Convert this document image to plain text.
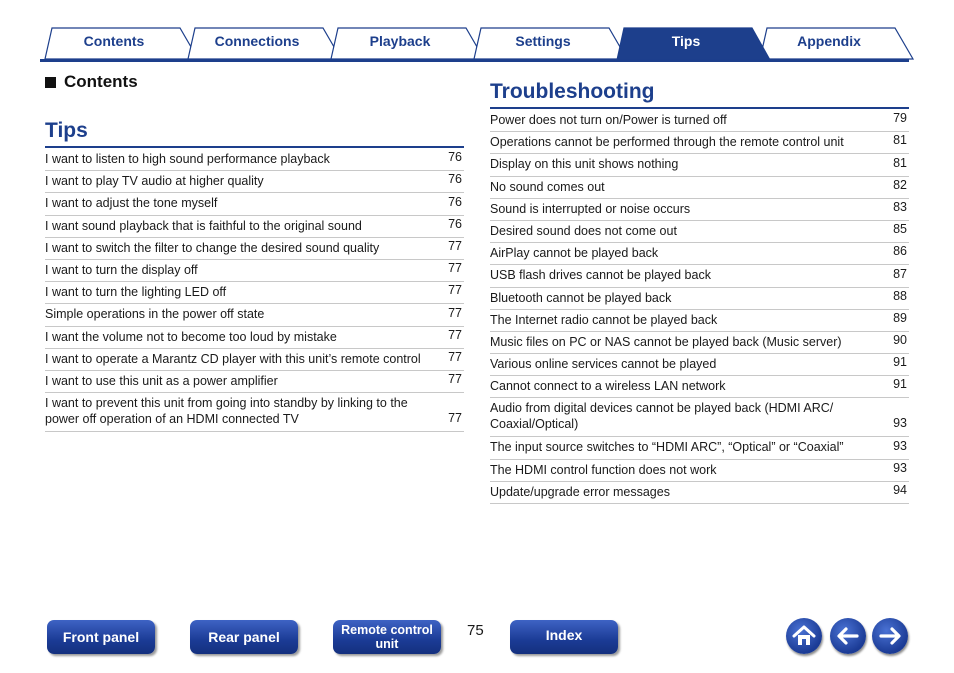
Contents	Connections	Playback	Settings	Tips	Appendix
Contents
Tips
I want to listen to high sound performance playback	76
I want to play TV audio at higher quality	76
I want to adjust the tone myself	76
I want sound playback that is faithful to the original sound	76
I want to switch the filter to change the desired sound quality	77
I want to turn the display off	77
I want to turn the lighting LED off	77
Simple operations in the power off state	77
I want the volume not to become too loud by mistake	77
I want to operate a Marantz CD player with this unit’s remote control	77
I want to use this unit as a power amplifier	77
I want to prevent this unit from going into standby by linking to the power off operation of an HDMI connected TV	77
Troubleshooting
Power does not turn on/Power is turned off	79
Operations cannot be performed through the remote control unit	81
Display on this unit shows nothing	81
No sound comes out	82
Sound is interrupted or noise occurs	83
Desired sound does not come out	85
AirPlay cannot be played back	86
USB flash drives cannot be played back	87
Bluetooth cannot be played back	88
The Internet radio cannot be played back	89
Music files on PC or NAS cannot be played back (Music server)	90
Various online services cannot be played	91
Cannot connect to a wireless LAN network	91
Audio from digital devices cannot be played back (HDMI ARC/ Coaxial/Optical)	93
The input source switches to “HDMI ARC”, “Optical” or “Coaxial”	93
The HDMI control function does not work	93
Update/upgrade error messages	94
Front panel	Rear panel	Remote control
unit
75	Index
